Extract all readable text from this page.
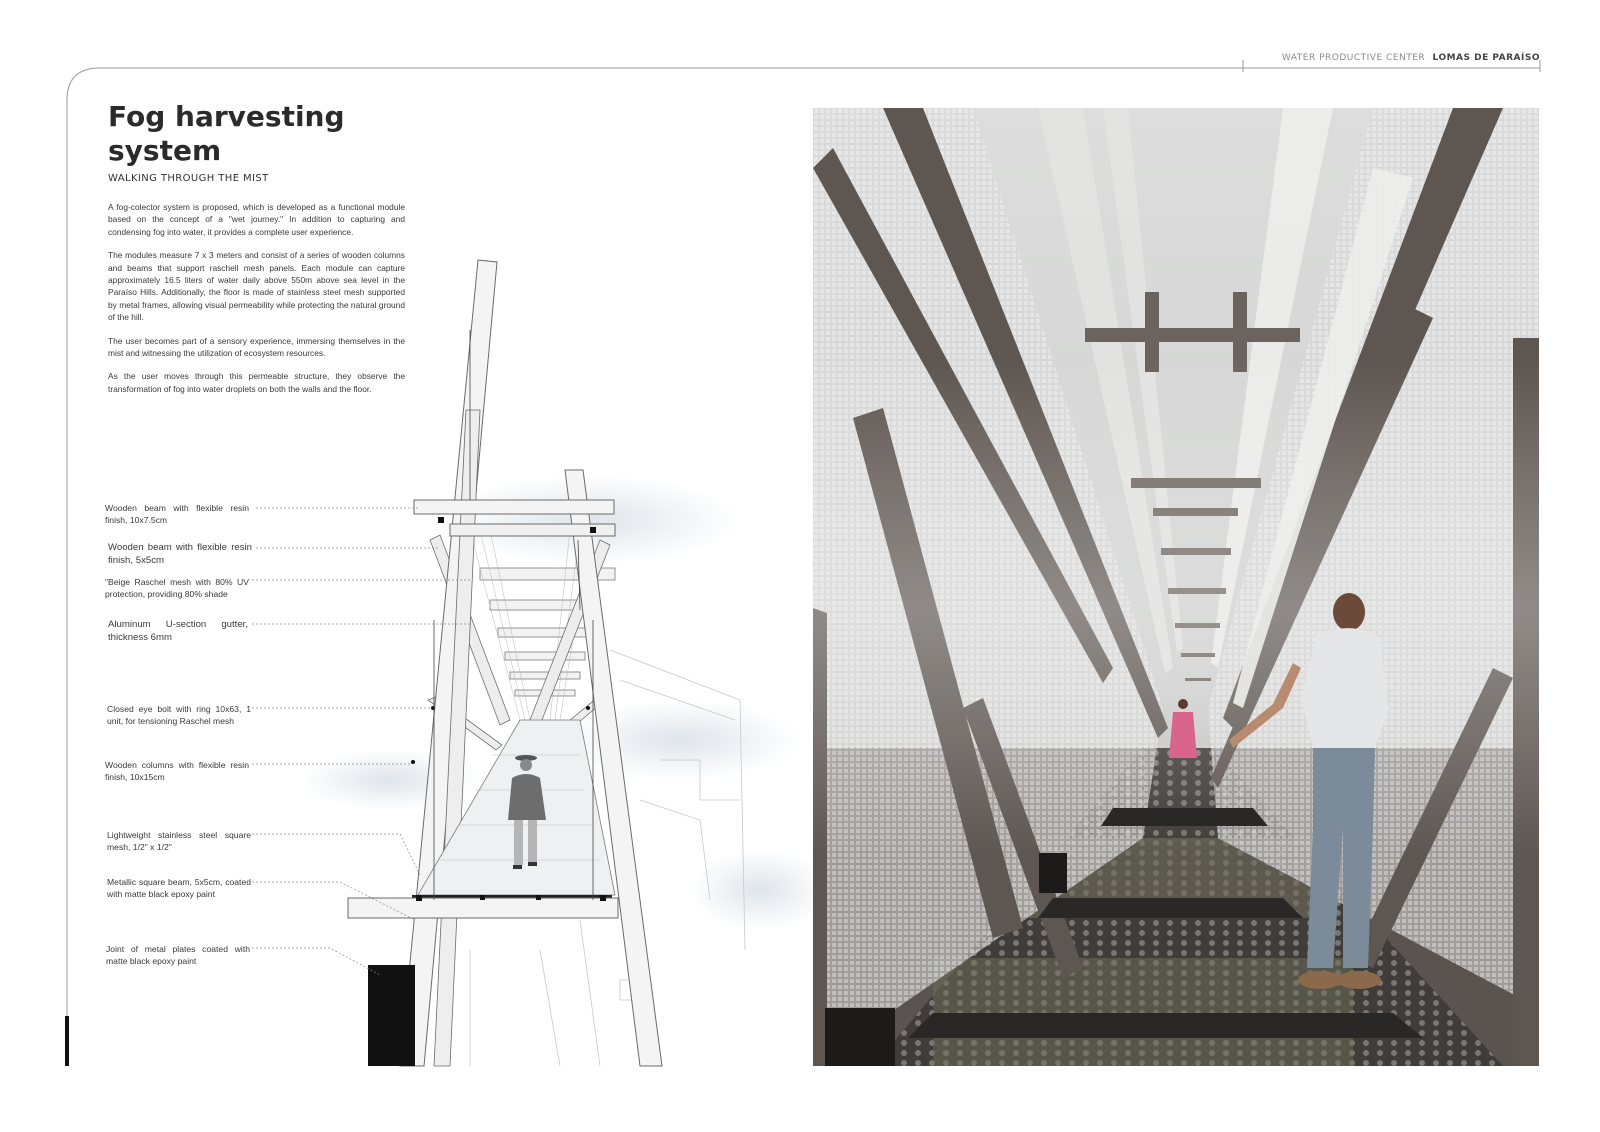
WATER PRODUCTIVE CENTER LOMAS DE PARAÍSO
Fog harvesting system
WALKING THROUGH THE MIST

A fog-colector system is proposed, which is developed as a functional module based on the concept of a "wet journey." In addition to capturing and condensing fog into water, it provides a complete user experience.

The modules measure 7 x 3 meters and consist of a series of wooden columns and beams that support raschell mesh panels. Each module can capture approximately 16.5 liters of water daily above 550m above sea level in the Paraíso Hills. Additionally, the floor is made of stainless steel mesh supported by metal frames, allowing visual permeability while protecting the natural ground of the hill.

The user becomes part of a sensory experience, immersing themselves in the mist and witnessing the utilization of ecosystem resources.

As the user moves through this permeable structure, they observe the transformation of fog into water droplets on both the walls and the floor.

Wooden beam with flexible resin finish, 10x7.5cm
Wooden beam with flexible resin finish, 5x5cm
"Beige Raschel mesh with 80% UV protection, providing 80% shade
Aluminum U-section gutter, thickness 6mm
Closed eye bolt with ring 10x63, 1 unit, for tensioning Raschel mesh
Wooden columns with flexible resin finish, 10x15cm
Lightweight stainless steel square mesh, 1/2" x 1/2"
Metallic square beam, 5x5cm, coated with matte black epoxy paint
Joint of metal plates coated with matte black epoxy paint
